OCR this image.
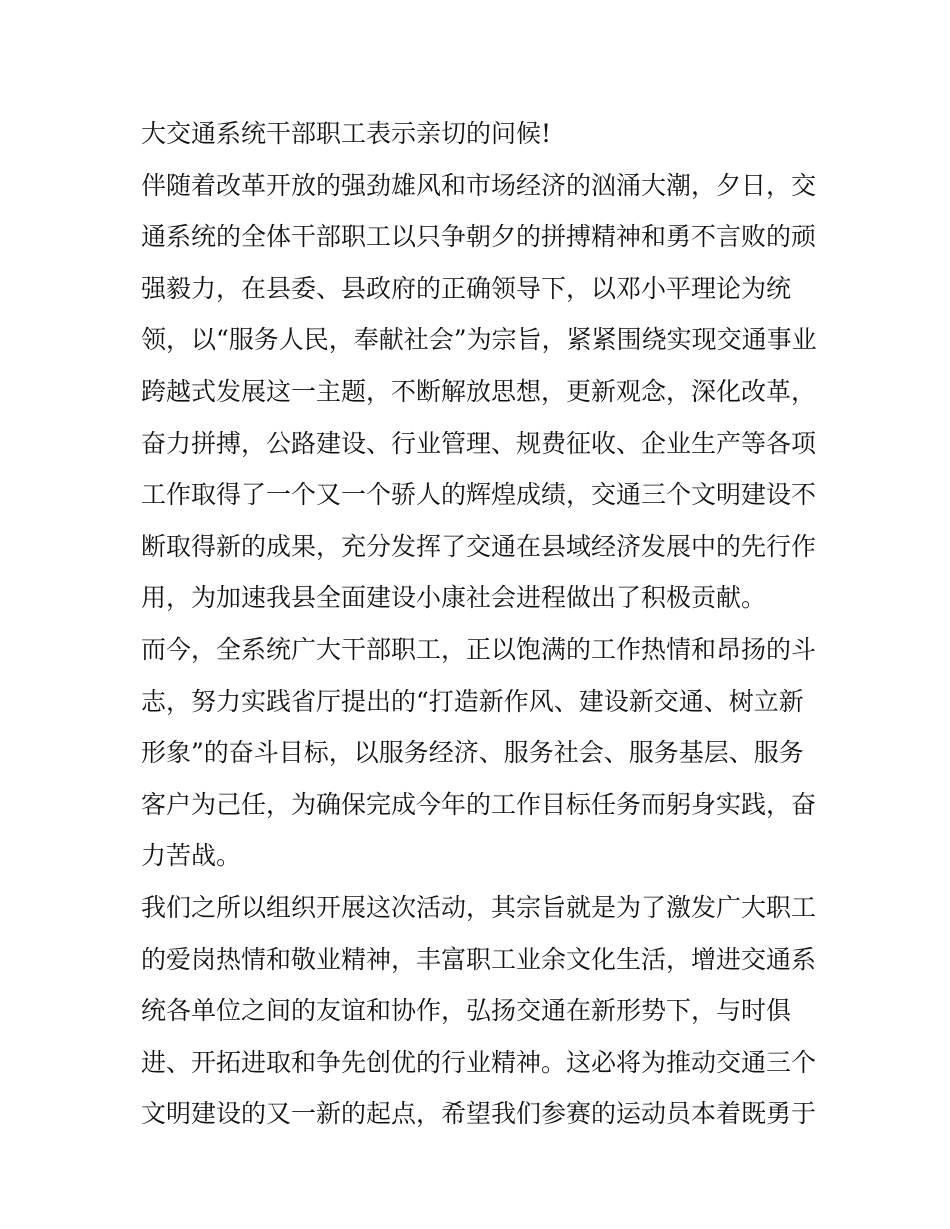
大交通系统干部职工表示亲切的问候!
伴随着改革开放的强劲雄风和市场经济的汹涌大潮，夕日，交
通系统的全体干部职工以只争朝夕的拼搏精神和勇不言败的顽
强毅力，在县委、县政府的正确领导下，以邓小平理论为统
领，以“服务人民，奉献社会”为宗旨，紧紧围绕实现交通事业
跨越式发展这一主题，不断解放思想，更新观念，深化改革，
奋力拼搏，公路建设、行业管理、规费征收、企业生产等各项
工作取得了一个又一个骄人的辉煌成绩，交通三个文明建设不
断取得新的成果，充分发挥了交通在县域经济发展中的先行作
用，为加速我县全面建设小康社会进程做出了积极贡献。
而今，全系统广大干部职工，正以饱满的工作热情和昂扬的斗
志，努力实践省厅提出的“打造新作风、建设新交通、树立新
形象”的奋斗目标，以服务经济、服务社会、服务基层、服务
客户为己任，为确保完成今年的工作目标任务而躬身实践，奋
力苦战。
我们之所以组织开展这次活动，其宗旨就是为了激发广大职工
的爱岗热情和敬业精神，丰富职工业余文化生活，增进交通系
统各单位之间的友谊和协作，弘扬交通在新形势下，与时俱
进、开拓进取和争先创优的行业精神。这必将为推动交通三个
文明建设的又一新的起点，希望我们参赛的运动员本着既勇于
